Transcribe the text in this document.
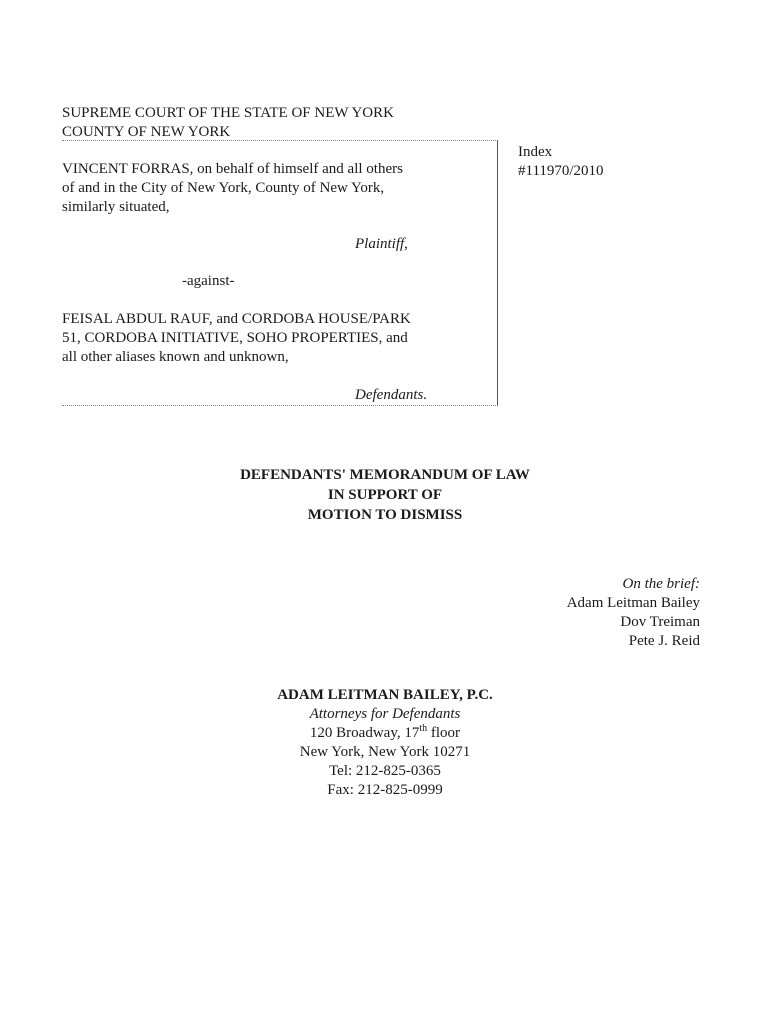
SUPREME COURT OF THE STATE OF NEW YORK
COUNTY OF NEW YORK
VINCENT FORRAS, on behalf of himself and all others
of and in the City of New York, County of New York,
similarly situated,
Plaintiff,
-against-
FEISAL ABDUL RAUF, and CORDOBA HOUSE/PARK
51, CORDOBA INITIATIVE, SOHO PROPERTIES, and
all other aliases known and unknown,
Defendants.
Index
#111970/2010
DEFENDANTS' MEMORANDUM OF LAW
IN SUPPORT OF
MOTION TO DISMISS
On the brief:
Adam Leitman Bailey
Dov Treiman
Pete J. Reid
ADAM LEITMAN BAILEY, P.C.
Attorneys for Defendants
120 Broadway, 17th floor
New York, New York 10271
Tel: 212-825-0365
Fax: 212-825-0999
